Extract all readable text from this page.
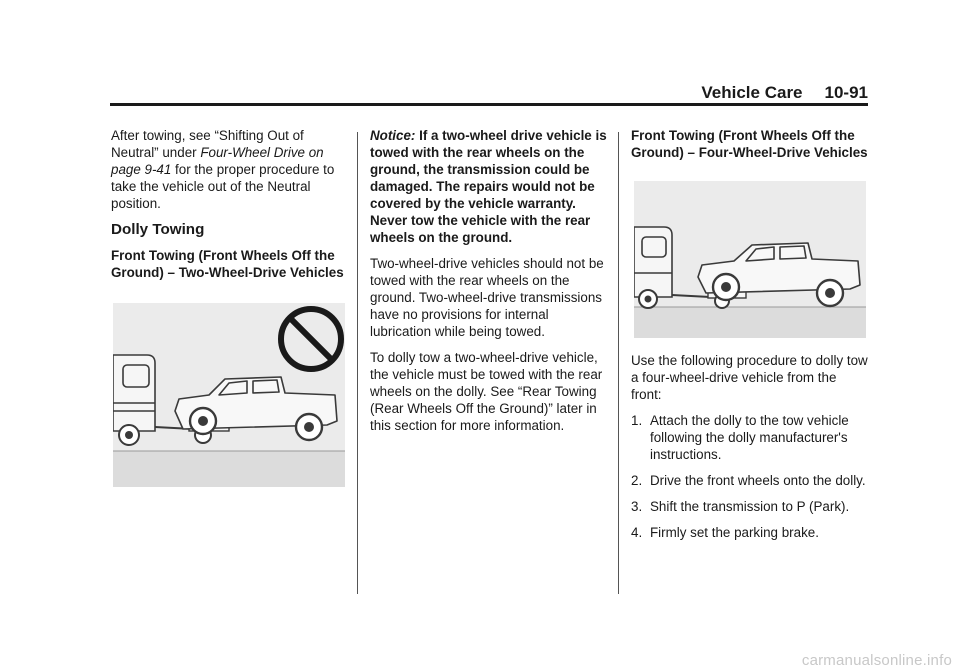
Vehicle Care 10-91

After towing, see “Shifting Out of Neutral” under Four-Wheel Drive on page 9-41 for the proper procedure to take the vehicle out of the Neutral position.

Dolly Towing
Front Towing (Front Wheels Off the Ground) – Two-Wheel-Drive Vehicles

Notice: If a two-wheel drive vehicle is towed with the rear wheels on the ground, the transmission could be damaged. The repairs would not be covered by the vehicle warranty. Never tow the vehicle with the rear wheels on the ground.

Two-wheel-drive vehicles should not be towed with the rear wheels on the ground. Two-wheel-drive transmissions have no provisions for internal lubrication while being towed.

To dolly tow a two-wheel-drive vehicle, the vehicle must be towed with the rear wheels on the dolly. See “Rear Towing (Rear Wheels Off the Ground)” later in this section for more information.

Front Towing (Front Wheels Off the Ground) – Four-Wheel-Drive Vehicles

Use the following procedure to dolly tow a four-wheel-drive vehicle from the front:

1. Attach the dolly to the tow vehicle following the dolly manufacturer's instructions.
2. Drive the front wheels onto the dolly.
3. Shift the transmission to P (Park).
4. Firmly set the parking brake.
carmanualsonline.info
